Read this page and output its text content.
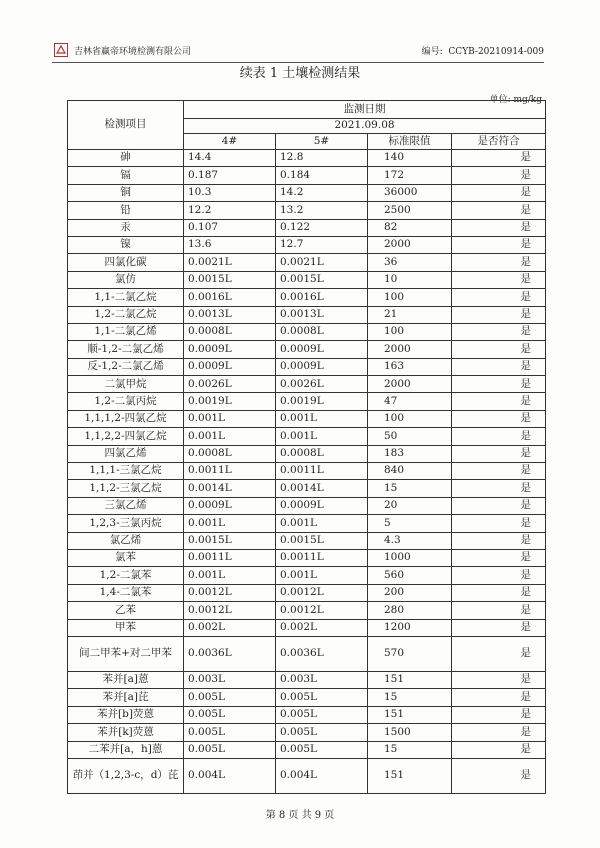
吉林省赢帝环境检测有限公司	编号: CCYB-20210914-009
续表 1 土壤检测结果
单位: mg/kg
检测项目	监测日期			
	2021.09.08			
	4#	5#	标准限值	是否符合
砷	14.4	12.8	140	是
镉	0.187	0.184	172	是
铜	10.3	14.2	36000	是
铅	12.2	13.2	2500	是
汞	0.107	0.122	82	是
镍	13.6	12.7	2000	是
四氯化碳	0.0021L	0.0021L	36	是
氯仿	0.0015L	0.0015L	10	是
1,1-二氯乙烷	0.0016L	0.0016L	100	是
1,2-二氯乙烷	0.0013L	0.0013L	21	是
1,1-二氯乙烯	0.0008L	0.0008L	100	是
顺-1,2-二氯乙烯	0.0009L	0.0009L	2000	是
反-1,2-二氯乙烯	0.0009L	0.0009L	163	是
二氯甲烷	0.0026L	0.0026L	2000	是
1,2-二氯丙烷	0.0019L	0.0019L	47	是
1,1,1,2-四氯乙烷	0.001L	0.001L	100	是
1,1,2,2-四氯乙烷	0.001L	0.001L	50	是
四氯乙烯	0.0008L	0.0008L	183	是
1,1,1-三氯乙烷	0.0011L	0.0011L	840	是
1,1,2-三氯乙烷	0.0014L	0.0014L	15	是
三氯乙烯	0.0009L	0.0009L	20	是
1,2,3-三氯丙烷	0.001L	0.001L	5	是
氯乙烯	0.0015L	0.0015L	4.3	是
氯苯	0.0011L	0.0011L	1000	是
1,2-二氯苯	0.001L	0.001L	560	是
1,4-二氯苯	0.0012L	0.0012L	200	是
乙苯	0.0012L	0.0012L	280	是
甲苯	0.002L	0.002L	1200	是
间二甲苯+对二甲苯	0.0036L	0.0036L	570	是
苯并[a]蒽	0.003L	0.003L	151	是
苯并[a]芘	0.005L	0.005L	15	是
苯并[b]荧蒽	0.005L	0.005L	151	是
苯并[k]荧蒽	0.005L	0.005L	1500	是
二苯并[a，h]蒽	0.005L	0.005L	15	是
茚并（1,2,3-c，d）芘	0.004L	0.004L	151	是
第 8 页 共 9 页
